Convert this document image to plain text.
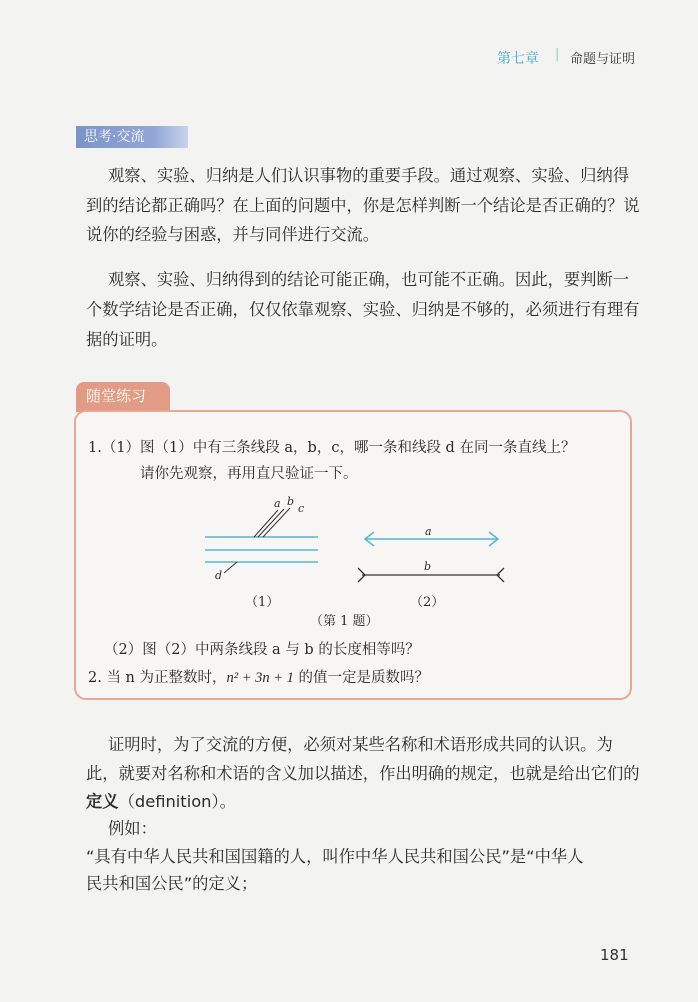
第七章 | 命题与证明
思考·交流
观察、实验、归纳是人们认识事物的重要手段。通过观察、实验、归纳得
到的结论都正确吗？在上面的问题中，你是怎样判断一个结论是否正确的？说
说你的经验与困惑，并与同伴进行交流。
观察、实验、归纳得到的结论可能正确，也可能不正确。因此，要判断一
个数学结论是否正确，仅仅依靠观察、实验、归纳是不够的，必须进行有理有
据的证明。
随堂练习
1.（1）图（1）中有三条线段 a，b，c，哪一条和线段 d 在同一条直线上？
请你先观察，再用直尺验证一下。
a b
c
d
a
b
（1）	（2）
（第 1 题）
（2）图（2）中两条线段 a 与 b 的长度相等吗？
2. 当 n 为正整数时，n² + 3n + 1 的值一定是质数吗？
证明时，为了交流的方便，必须对某些名称和术语形成共同的认识。为
此，就要对名称和术语的含义加以描述，作出明确的规定，也就是给出它们的
定义（definition）。
例如：
“具有中华人民共和国国籍的人，叫作中华人民共和国公民”是“中华人
民共和国公民”的定义；
181
